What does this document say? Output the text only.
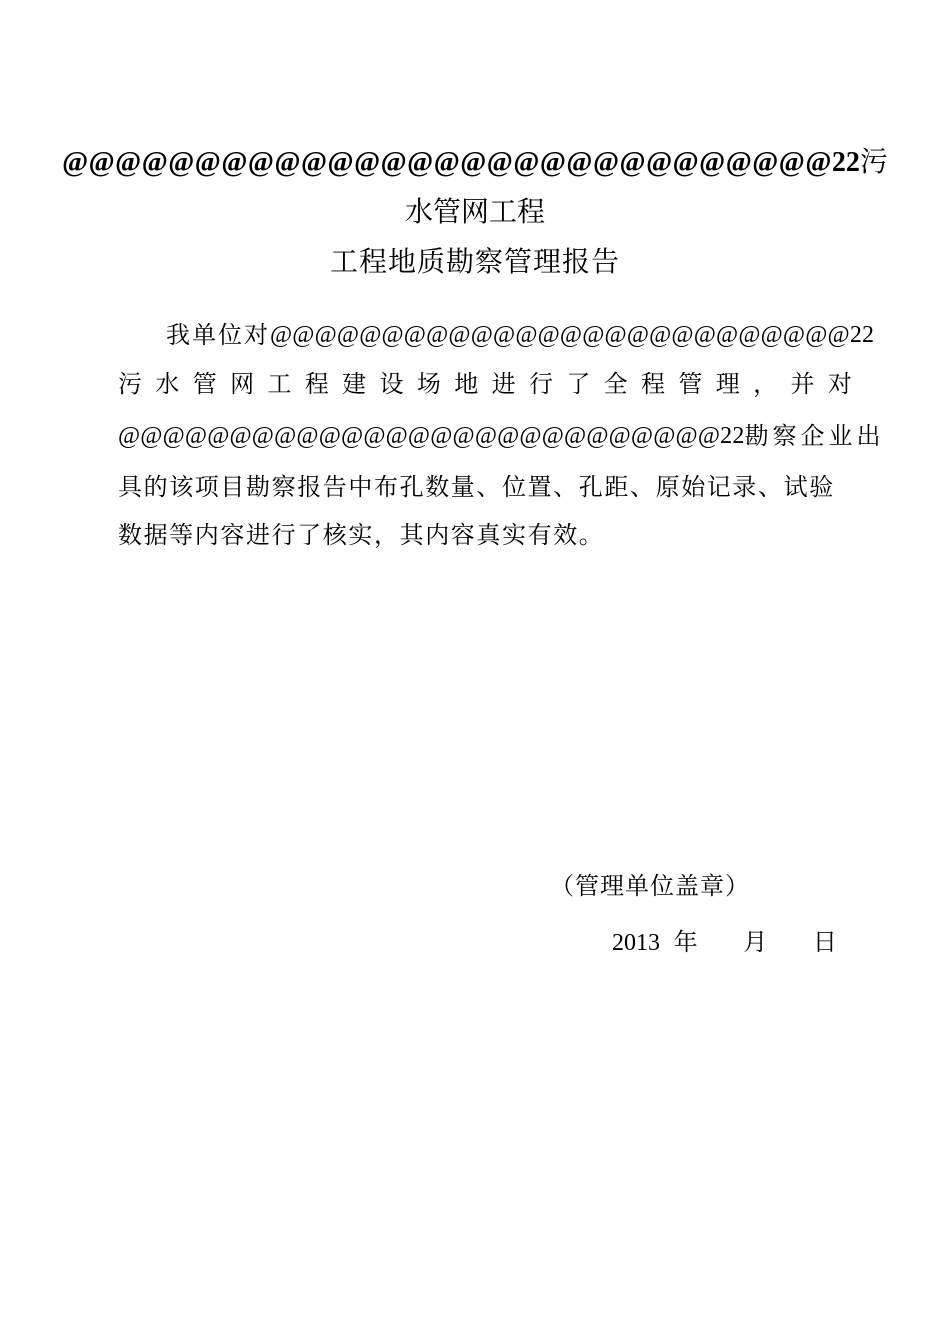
@@@@@@@@@@@@@@@@@@@@@@@@@@@@@22污
水管网工程
工程地质勘察管理报告
我单位对 @@@@@@@@@@@@@@@@@@@@@@@@@@22
污 水 管 网 工 程 建 设 场 地 进 行 了 全 程 管 理 ， 并 对
@@@@@@@@@@@@@@@@@@@@@@@@@@@22 勘察企业出
具的该项目勘察报告中布孔数量、位置、孔距、原始记录、试验
数据等内容进行了核实，其内容真实有效。
（管理单位盖章）
2013 年 月 日
